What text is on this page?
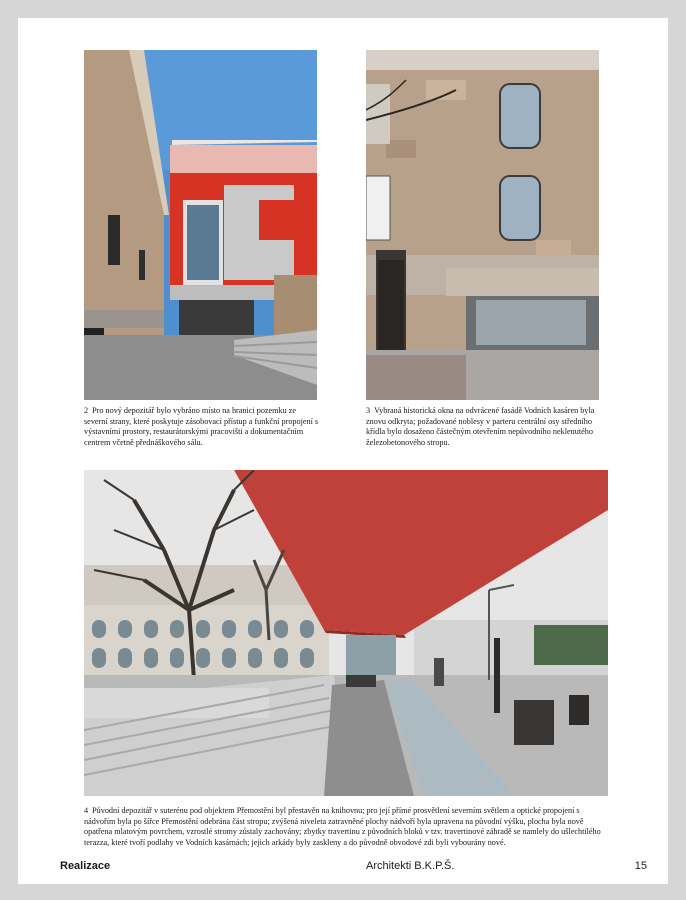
2 Pro nový depozitář bylo vybráno místo na hranici pozemku ze severní strany, které poskytuje zásobovací přístup a funkční propojení s výstavními prostory, restaurátorskými pracovišti a dokumentačním centrem včetně přednáškového sálu.

3 Vybraná historická okna na odvrácené fasádě Vodních kasáren byla znovu odkryta; požadované noblesy v parteru centrální osy středního křídla bylo dosaženo částečným otevřením nepůvodního neklenutého železobetonového stropu.

4 Původní depozitář v suterénu pod objektem Přemostění byl přestavěn na knihovnu; pro její přímé prosvětlení severním světlem a optické propojení s nádvořím byla po šířce Přemostění odebrána část stropu; zvýšená niveleta zatravněné plochy nádvoří byla upravena na původní výšku, plocha byla nově opatřena mlatovým povrchem, vzrostlé stromy zůstaly zachovány; zbytky travertinu z původních bloků v tzv. travertinové záhradě se namlely do ušlechtilého terazza, které tvoří podlahy ve Vodních kasárnách; jejich arkády byly zaskleny a do původně obvodové zdi byli vybourány nové.

Realizace	Architekti B.K.P.Š.	15
